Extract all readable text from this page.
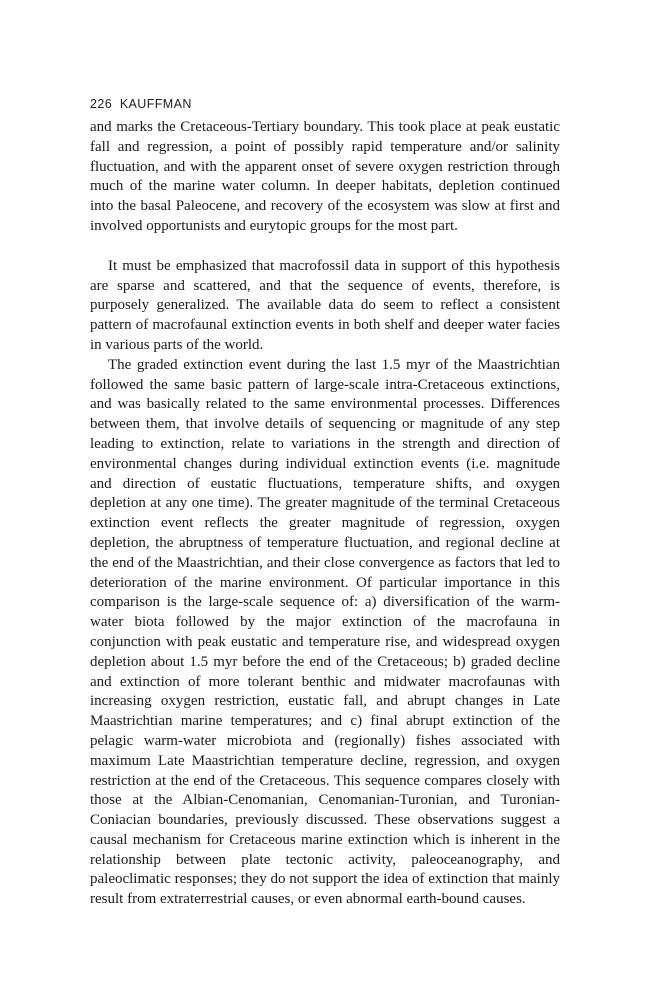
226 KAUFFMAN

and marks the Cretaceous-Tertiary boundary. This took place at peak eustatic fall and regression, a point of possibly rapid temperature and/or salinity fluctuation, and with the apparent onset of severe oxygen restriction through much of the marine water column. In deeper habitats, depletion continued into the basal Paleocene, and recovery of the ecosystem was slow at first and involved opportunists and eurytopic groups for the most part.

It must be emphasized that macrofossil data in support of this hypothesis are sparse and scattered, and that the sequence of events, therefore, is purposely generalized. The available data do seem to reflect a consistent pattern of macrofaunal extinction events in both shelf and deeper water facies in various parts of the world.

The graded extinction event during the last 1.5 myr of the Maastrichtian followed the same basic pattern of large-scale intra-Cretaceous extinctions, and was basically related to the same environmental processes. Differences between them, that involve details of sequencing or magnitude of any step leading to extinction, relate to variations in the strength and direction of environmental changes during individual extinction events (i.e. magnitude and direction of eustatic fluctuations, temperature shifts, and oxygen depletion at any one time). The greater magnitude of the terminal Cretaceous extinction event reflects the greater magnitude of regression, oxygen depletion, the abruptness of temperature fluctuation, and regional decline at the end of the Maastrichtian, and their close convergence as factors that led to deterioration of the marine environment. Of particular importance in this comparison is the large-scale sequence of: a) diversification of the warm-water biota followed by the major extinction of the macrofauna in conjunction with peak eustatic and temperature rise, and widespread oxygen depletion about 1.5 myr before the end of the Cretaceous; b) graded decline and extinction of more tolerant benthic and midwater macrofaunas with increasing oxygen restriction, eustatic fall, and abrupt changes in Late Maastrichtian marine temperatures; and c) final abrupt extinction of the pelagic warm-water microbiota and (regionally) fishes associated with maximum Late Maastrichtian temperature decline, regression, and oxygen restriction at the end of the Cretaceous. This sequence compares closely with those at the Albian-Cenomanian, Cenomanian-Turonian, and Turonian-Coniacian boundaries, previously discussed. These observations suggest a causal mechanism for Cretaceous marine extinction which is inherent in the relationship between plate tectonic activity, paleoceanography, and paleoclimatic responses; they do not support the idea of extinction that mainly result from extraterrestrial causes, or even abnormal earth-bound causes.
